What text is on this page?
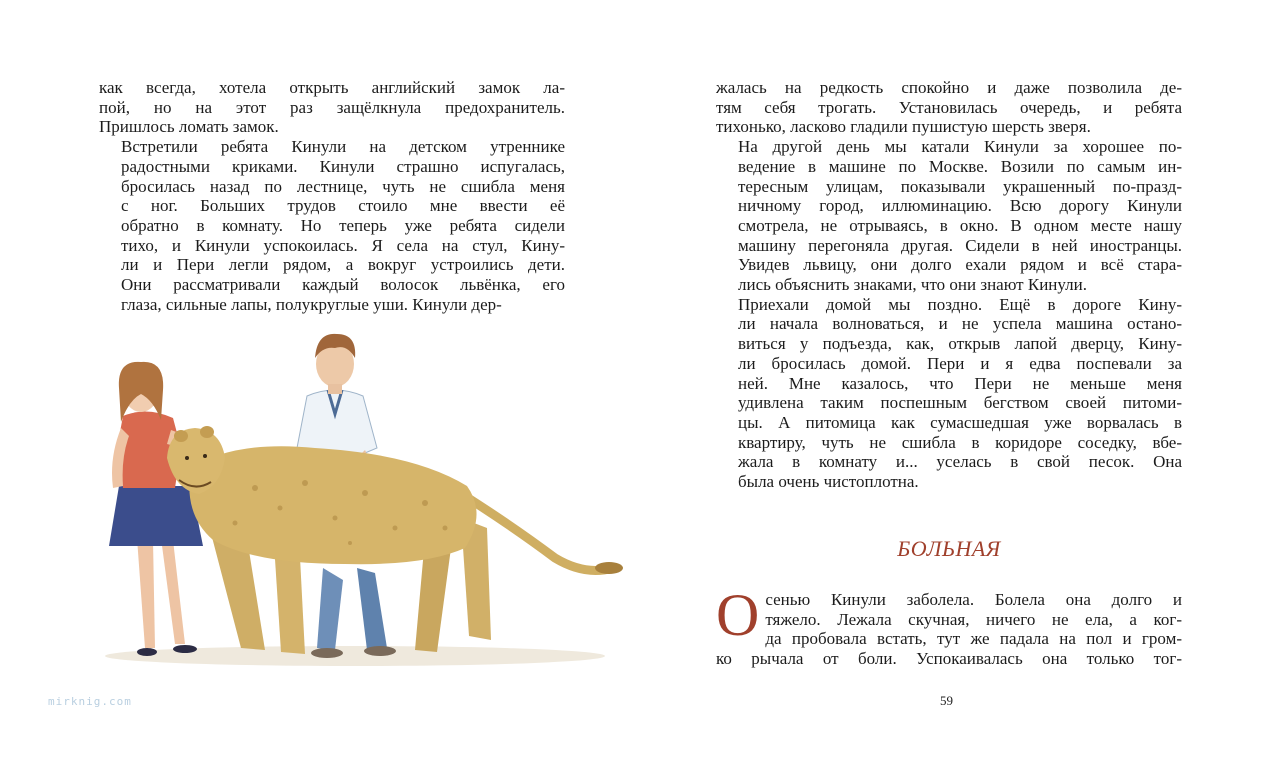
как всегда, хотела открыть английский замок ла-
пой, но на этот раз защёлкнула предохранитель.
Пришлось ломать замок.

Встретили ребята Кинули на детском утреннике
радостными криками. Кинули страшно испугалась,
бросилась назад по лестнице, чуть не сшибла меня
с ног. Больших трудов стоило мне ввести её
обратно в комнату. Но теперь уже ребята сидели
тихо, и Кинули успокоилась. Я села на стул, Кину-
ли и Пери легли рядом, а вокруг устроились дети.
Они рассматривали каждый волосок львёнка, его
глаза, сильные лапы, полукруглые уши. Кинули дер-

mirknig.com

жалась на редкость спокойно и даже позволила де-
тям себя трогать. Установилась очередь, и ребята
тихонько, ласково гладили пушистую шерсть зверя.

На другой день мы катали Кинули за хорошее по-
ведение в машине по Москве. Возили по самым ин-
тересным улицам, показывали украшенный по-празд-
ничному город, иллюминацию. Всю дорогу Кинули
смотрела, не отрываясь, в окно. В одном месте нашу
машину перегоняла другая. Сидели в ней иностранцы.
Увидев львицу, они долго ехали рядом и всё стара-
лись объяснить знаками, что они знают Кинули.

Приехали домой мы поздно. Ещё в дороге Кину-
ли начала волноваться, и не успела машина останo-
виться у подъезда, как, открыв лапой дверцу, Кину-
ли бросилась домой. Пери и я едва поспевали за
ней. Мне казалось, что Пери не меньше меня
удивлена таким поспешным бегством своей питоми-
цы. А питомица как сумасшедшая уже ворвалась в
квартиру, чуть не сшибла в коридоре соседку, вбе-
жала в комнату и... уселась в свой песок. Она
была очень чистоплотна.

БОЛЬНАЯ
О сенью Кинули заболела. Болела она долго и
тяжело. Лежала скучная, ничего не ела, а ког-
да пробовала встать, тут же падала на пол и гром-
ко рычала от боли. Успокаивалась она только тог-
59
